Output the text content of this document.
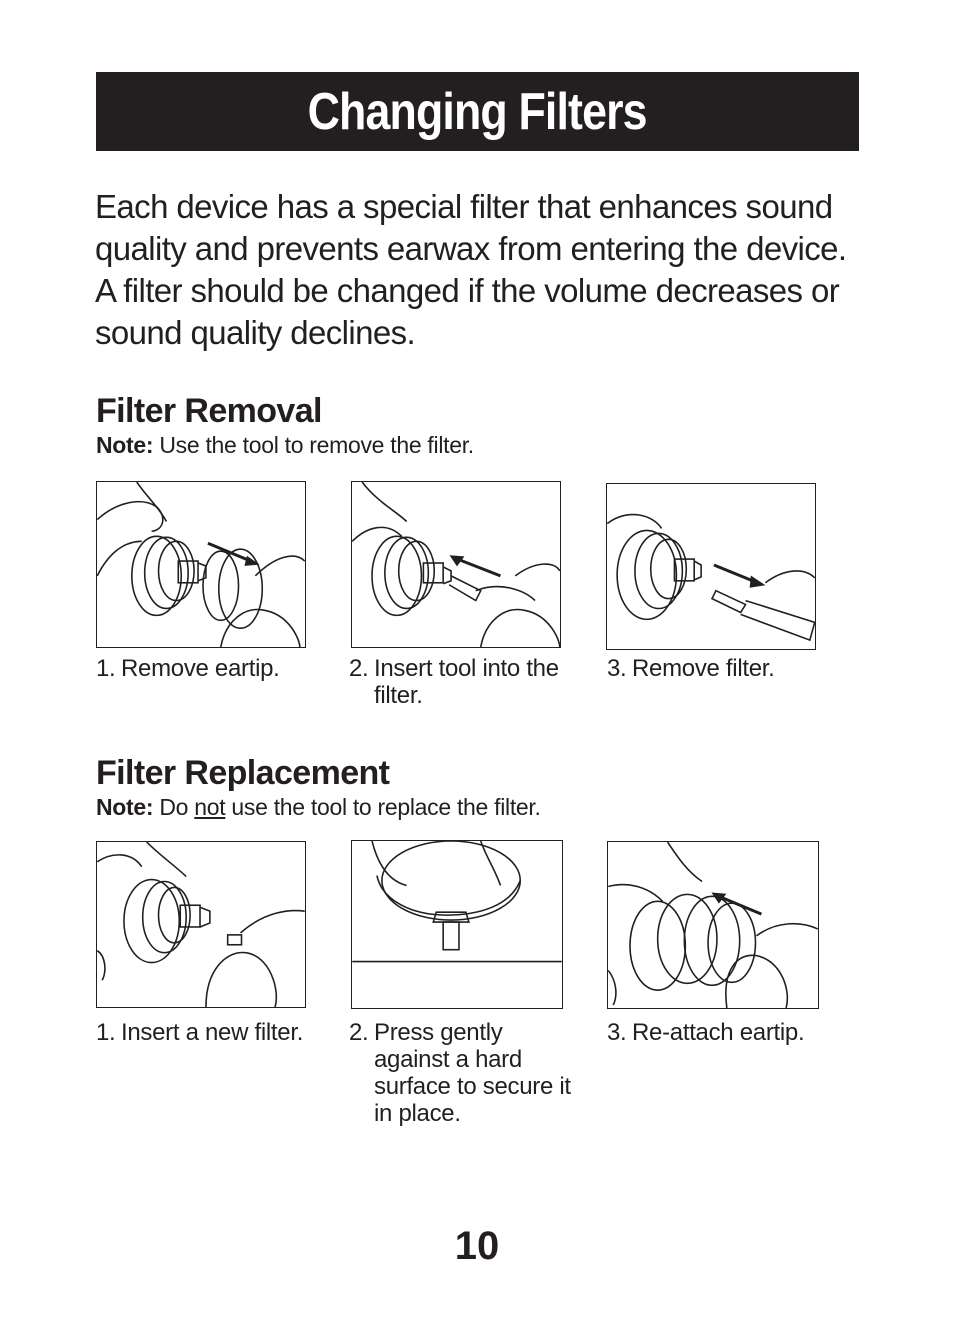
Changing Filters
Each device has a special filter that enhances sound quality and prevents earwax from entering the device. A filter should be changed if the volume decreases or sound quality declines.
Filter Removal
Note: Use the tool to remove the filter.
1. Remove eartip.	2. Insert tool into the filter.
3. Remove filter.
Filter Replacement
Note: Do not use the tool to replace the filter.
1. Insert a new filter.	2. Press gently against a hard surface to secure it in place.
3. Re-attach eartip.
10
